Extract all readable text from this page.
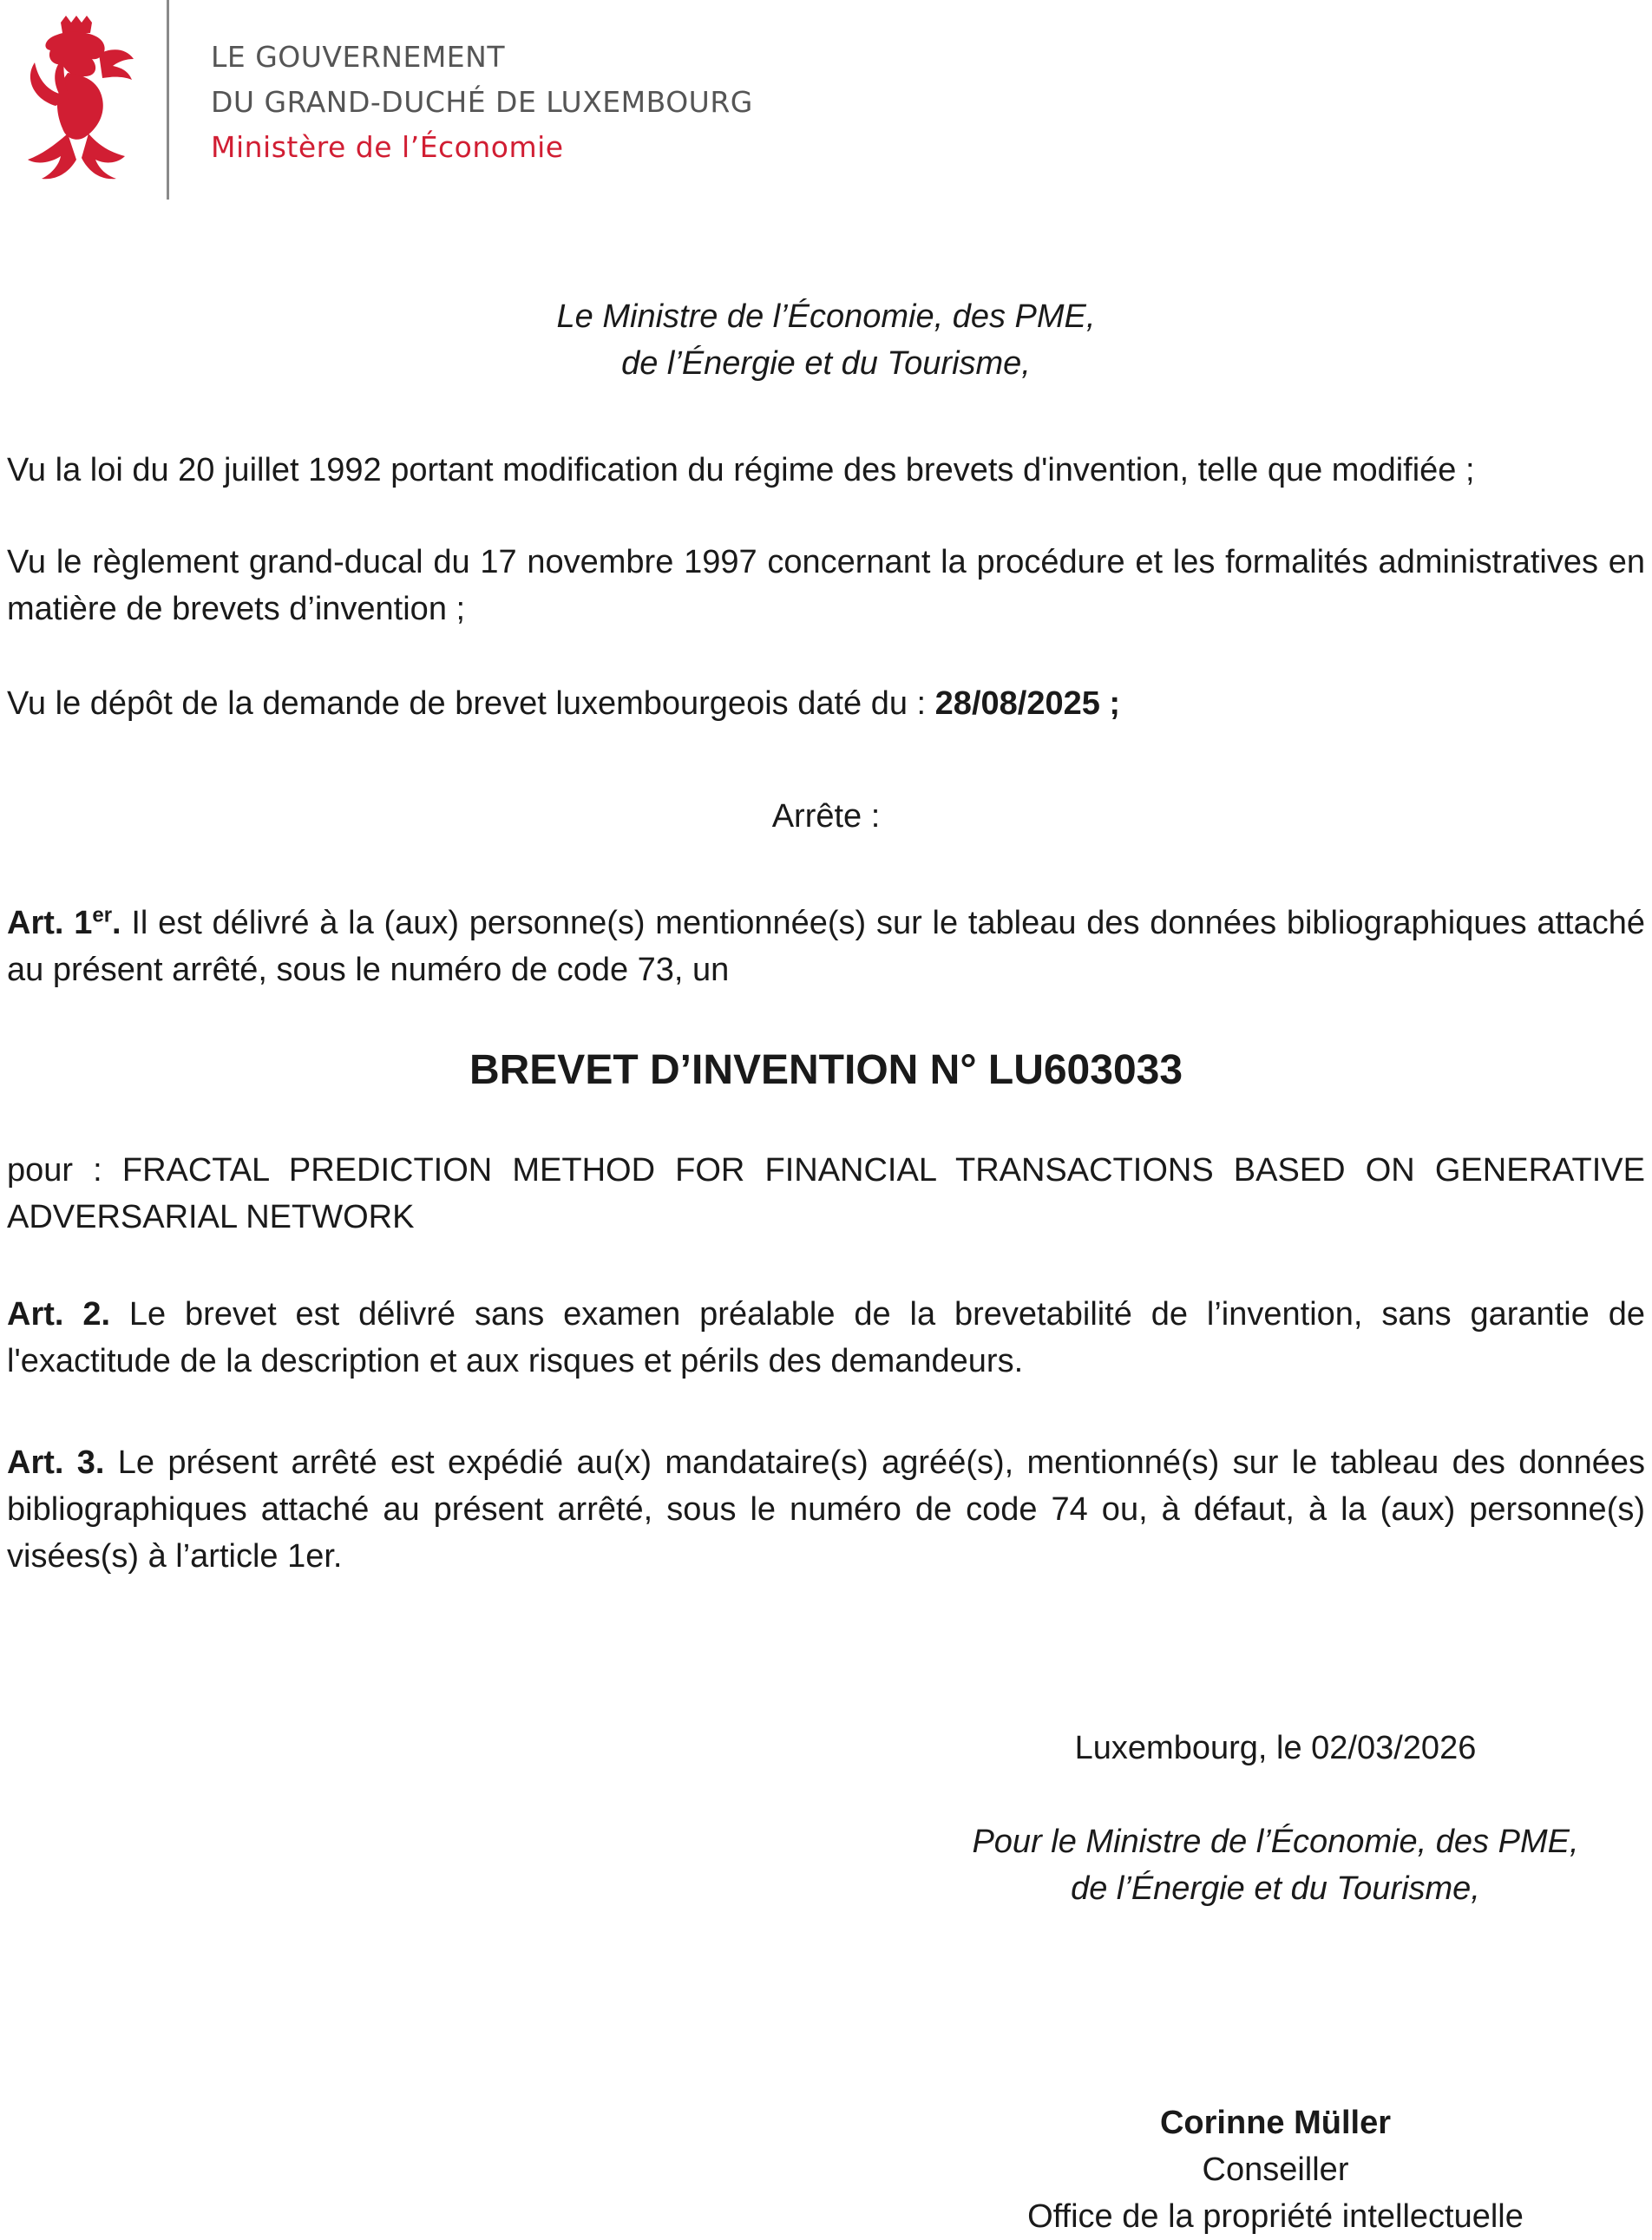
LE GOUVERNEMENT
DU GRAND-DUCHÉ DE LUXEMBOURG
Ministère de l’Économie
Le Ministre de l’Économie, des PME,
de l’Énergie et du Tourisme,
Vu la loi du 20 juillet 1992 portant modification du régime des brevets d'invention, telle que modifiée ;
Vu le règlement grand-ducal du 17 novembre 1997 concernant la procédure et les formalités administratives en matière de brevets d’invention ;
Vu le dépôt de la demande de brevet luxembourgeois daté du : 28/08/2025 ;
Arrête :
Art. 1er. Il est délivré à la (aux) personne(s) mentionnée(s) sur le tableau des données bibliographiques attaché au présent arrêté, sous le numéro de code 73, un
BREVET D’INVENTION N° LU603033
pour : FRACTAL PREDICTION METHOD FOR FINANCIAL TRANSACTIONS BASED ON GENERATIVE ADVERSARIAL NETWORK
Art. 2. Le brevet est délivré sans examen préalable de la brevetabilité de l’invention, sans garantie de l'exactitude de la description et aux risques et périls des demandeurs.
Art. 3. Le présent arrêté est expédié au(x) mandataire(s) agréé(s), mentionné(s) sur le tableau des données bibliographiques attaché au présent arrêté, sous le numéro de code 74 ou, à défaut, à la (aux) personne(s) visées(s) à l’article 1er.
Luxembourg, le 02/03/2026
Pour le Ministre de l’Économie, des PME,
de l’Énergie et du Tourisme,
Corinne Müller
Conseiller
Office de la propriété intellectuelle
